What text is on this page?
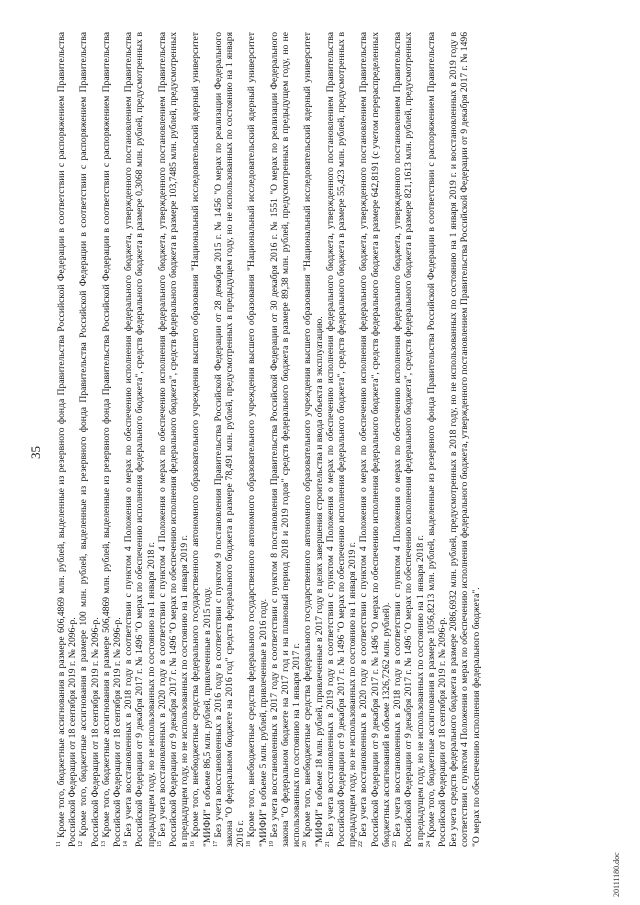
35

$^{11}$ Кроме того, бюджетные ассигнования в размере 606,4869 млн. рублей, выделенные из резервного фонда Правительства Российской Федерации в соответствии с распоряжением Правительства Российской Федерации от 18 сентября 2019 г. № 2096-р. $^{12}$ Кроме того, бюджетные ассигнования в размере 100 млн. рублей, выделенные из резервного фонда Правительства Российской Федерации в соответствии с распоряжением Правительства Российской Федерации от 18 сентября 2019 г. № 2096-р. $^{13}$ Кроме того, бюджетные ассигнования в размере 506,4869 млн. рублей, выделенные из резервного фонда Правительства Российской Федерации в соответствии с распоряжением Правительства Российской Федерации от 18 сентября 2019 г. № 2096-р. $^{14}$ Без учета восстановленных в 2018 году в соответствии с пунктом 4 Положения о мерах по обеспечению исполнения федерального бюджета, утвержденного постановлением Правительства Российской Федерации от 9 декабря 2017 г. № 1496 "О мерах по обеспечению исполнения федерального бюджета", средств федерального бюджета в размере 0,3068 млн. рублей, предусмотренных в предыдущем году, но не использованных по состоянию на 1 января 2018 г. $^{15}$ Без учета восстановленных в 2020 году в соответствии с пунктом 4 Положения о мерах по обеспечению исполнения федерального бюджета, утвержденного постановлением Правительства Российской Федерации от 9 декабря 2017 г. № 1496 "О мерах по обеспечению исполнения федерального бюджета", средств федерального бюджета в размере 103,7485 млн. рублей, предусмотренных в предыдущем году, но не использованных по состоянию на 1 января 2019 г. $^{16}$ Кроме того, внебюджетные средства федерального государственного автономного образовательного учреждения высшего образования "Национальный исследовательский ядерный университет "МИФИ" в объеме 86,5 млн. рублей, привлеченные в 2015 году. $^{17}$ Без учета восстановленных в 2016 году в соответствии с пунктом 9 постановления Правительства Российской Федерации от 28 декабря 2015 г. № 1456 "О мерах по реализации Федерального закона "О федеральном бюджете на 2016 год" средств федерального бюджета в размере 78,491 млн. рублей, предусмотренных в предыдущем году, но не использованных по состоянию на 1 января 2016 г. $^{18}$ Кроме того, внебюджетные средства федерального государственного автономного образовательного учреждения высшего образования "Национальный исследовательский ядерный университет "МИФИ" в объеме 5 млн. рублей, привлеченные в 2016 году. $^{19}$ Без учета восстановленных в 2017 году в соответствии с пунктом 8 постановления Правительства Российской Федерации от 30 декабря 2016 г. № 1551 "О мерах по реализации Федерального закона "О федеральном бюджете на 2017 год и на плановый период 2018 и 2019 годов" средств федерального бюджета в размере 89,38 млн. рублей, предусмотренных в предыдущем году, но не использованных по состоянию на 1 января 2017 г. $^{20}$ Кроме того, внебюджетные средства федерального государственного автономного образовательного учреждения высшего образования "Национальный исследовательский ядерный университет "МИФИ" в объеме 18 млн. рублей, привлеченные в 2017 году в целях завершения строительства и ввода объекта в эксплуатацию. $^{21}$ Без учета восстановленных в 2019 году в соответствии с пунктом 4 Положения о мерах по обеспечению исполнения федерального бюджета, утвержденного постановлением Правительства Российской Федерации от 9 декабря 2017 г. № 1496 "О мерах по обеспечению исполнения федерального бюджета", средств федерального бюджета в размере 55,423 млн. рублей, предусмотренных в предыдущем году, но не использованных по состоянию на 1 января 2019 г. $^{22}$ Без учета восстановленных в 2020 году в соответствии с пунктом 4 Положения о мерах по обеспечению исполнения федерального бюджета, утвержденного постановлением Правительства Российской Федерации от 9 декабря 2017 г. № 1496 "О мерах по обеспечению исполнения федерального бюджета", средств федерального бюджета в размере 642,8191 (с учетом перераспределенных бюджетных ассигнований в объеме 1326,7262 млн. рублей). $^{23}$ Без учета восстановленных в 2018 году в соответствии с пунктом 4 Положения о мерах по обеспечению исполнения федерального бюджета, утвержденного постановлением Правительства Российской Федерации от 9 декабря 2017 г. № 1496 "О мерах по обеспечению исполнения федерального бюджета", средств федерального бюджета в размере 821,1613 млн. рублей, предусмотренных в предыдущем году, но не использованных по состоянию на 1 января 2018 г. $^{24}$ Кроме того, бюджетные ассигнования в размере 1056,8213 млн. рублей, выделенные из резервного фонда Правительства Российской Федерации в соответствии с распоряжением Правительства Российской Федерации от 18 сентября 2019 г. № 2096-р. Без учета средств федерального бюджета в размере 2086,6932 млн. рублей, предусмотренных в 2018 году, но не использованных по состоянию на 1 января 2019 г. и восстановленных в 2019 году в соответствии с пунктом 4 Положения о мерах по обеспечению исполнения федерального бюджета, утвержденного постановлением Правительства Российской Федерации от 9 декабря 2017 г. № 1496 "О мерах по обеспечению исполнения федерального бюджета".

20111180.doc
